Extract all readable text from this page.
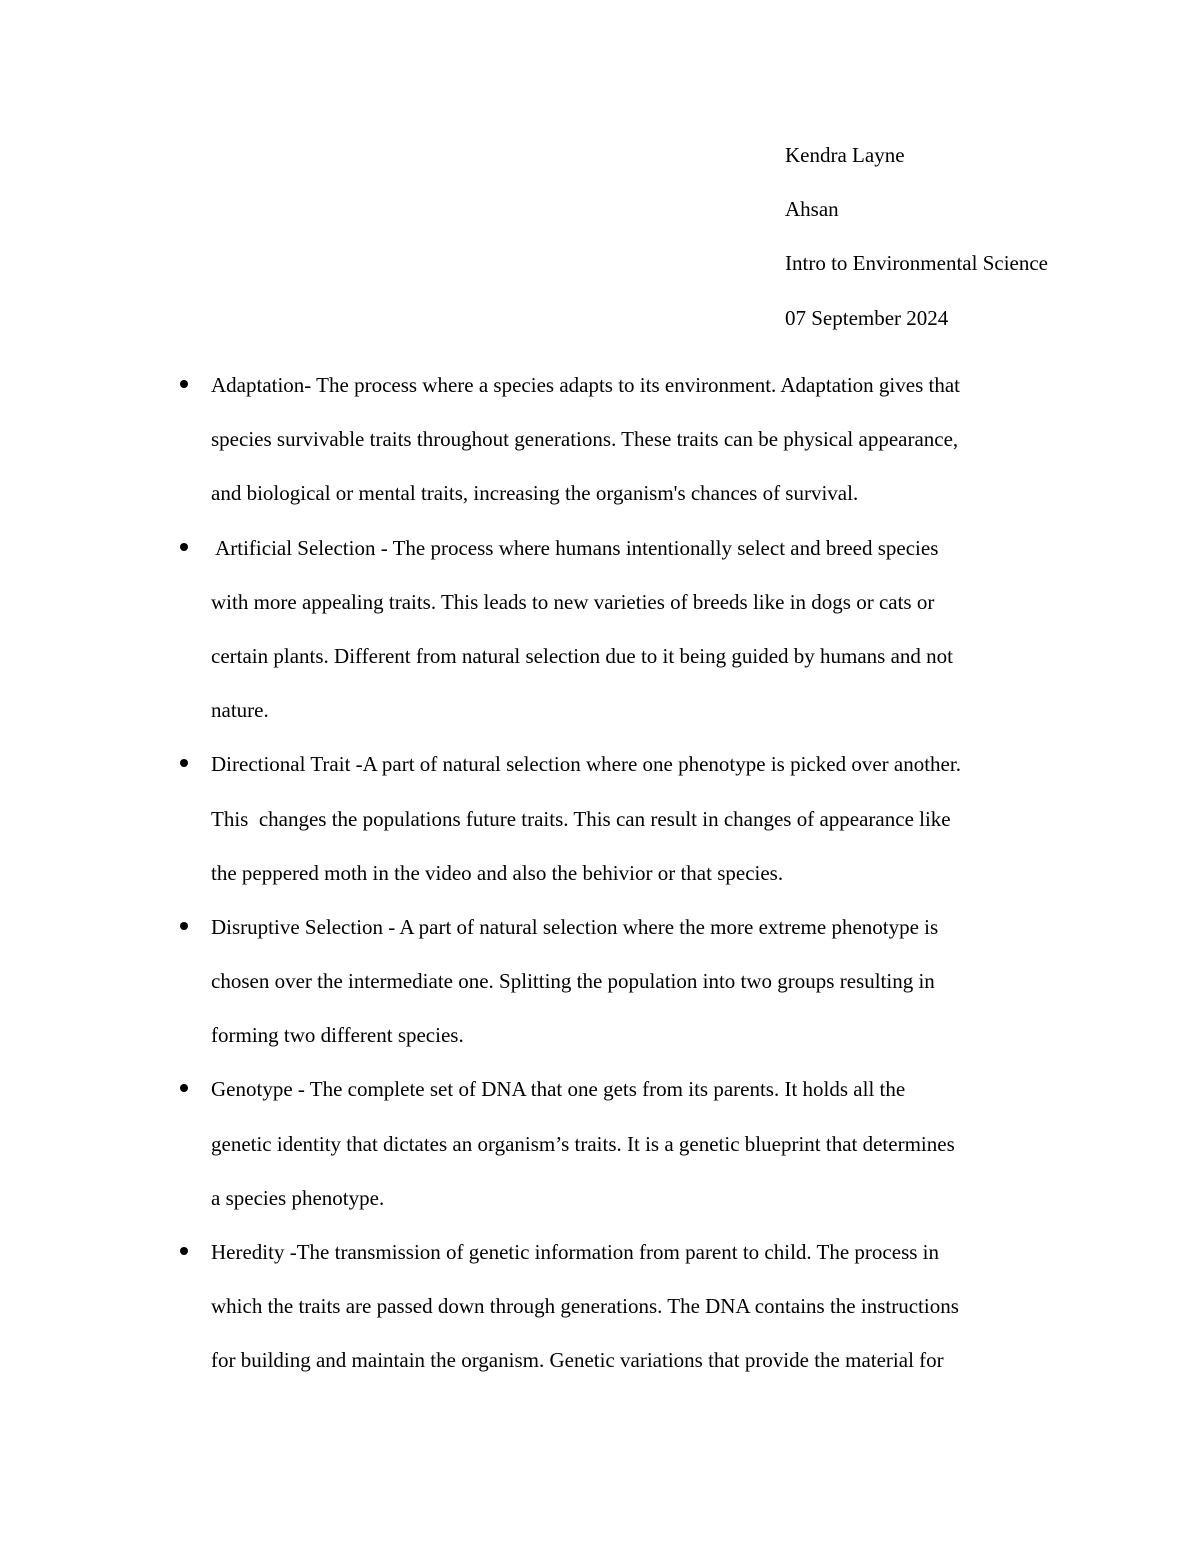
Kendra Layne
Ahsan
Intro to Environmental Science
07 September 2024
Adaptation- The process where a species adapts to its environment. Adaptation gives that
species survivable traits throughout generations. These traits can be physical appearance,
and biological or mental traits, increasing the organism's chances of survival.
Artificial Selection - The process where humans intentionally select and breed species
with more appealing traits. This leads to new varieties of breeds like in dogs or cats or
certain plants. Different from natural selection due to it being guided by humans and not
nature.
Directional Trait -A part of natural selection where one phenotype is picked over another.
This  changes the populations future traits. This can result in changes of appearance like
the peppered moth in the video and also the behivior or that species.
Disruptive Selection - A part of natural selection where the more extreme phenotype is
chosen over the intermediate one. Splitting the population into two groups resulting in
forming two different species.
Genotype - The complete set of DNA that one gets from its parents. It holds all the
genetic identity that dictates an organism’s traits. It is a genetic blueprint that determines
a species phenotype.
Heredity -The transmission of genetic information from parent to child. The process in
which the traits are passed down through generations. The DNA contains the instructions
for building and maintain the organism. Genetic variations that provide the material for
